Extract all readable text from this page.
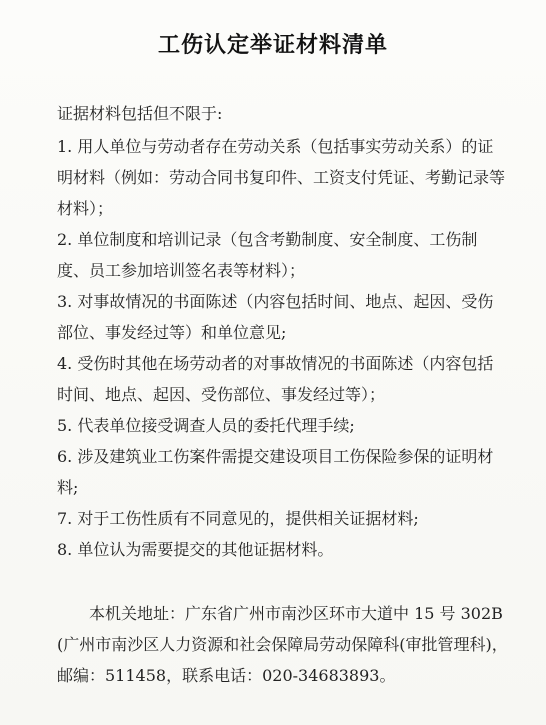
工伤认定举证材料清单
证据材料包括但不限于:

1. 用人单位与劳动者存在劳动关系（包括事实劳动关系）的证明材料（例如：劳动合同书复印件、工资支付凭证、考勤记录等材料）；

2. 单位制度和培训记录（包含考勤制度、安全制度、工伤制度、员工参加培训签名表等材料）；

3. 对事故情况的书面陈述（内容包括时间、地点、起因、受伤部位、事发经过等）和单位意见;

4. 受伤时其他在场劳动者的对事故情况的书面陈述（内容包括时间、地点、起因、受伤部位、事发经过等）；

5. 代表单位接受调查人员的委托代理手续;

6. 涉及建筑业工伤案件需提交建设项目工伤保险参保的证明材料;

7. 对于工伤性质有不同意见的，提供相关证据材料;

8. 单位认为需要提交的其他证据材料。

本机关地址：广东省广州市南沙区环市大道中 15 号 302B(广州市南沙区人力资源和社会保障局劳动保障科(审批管理科)，邮编：511458，联系电话：020-34683893。
